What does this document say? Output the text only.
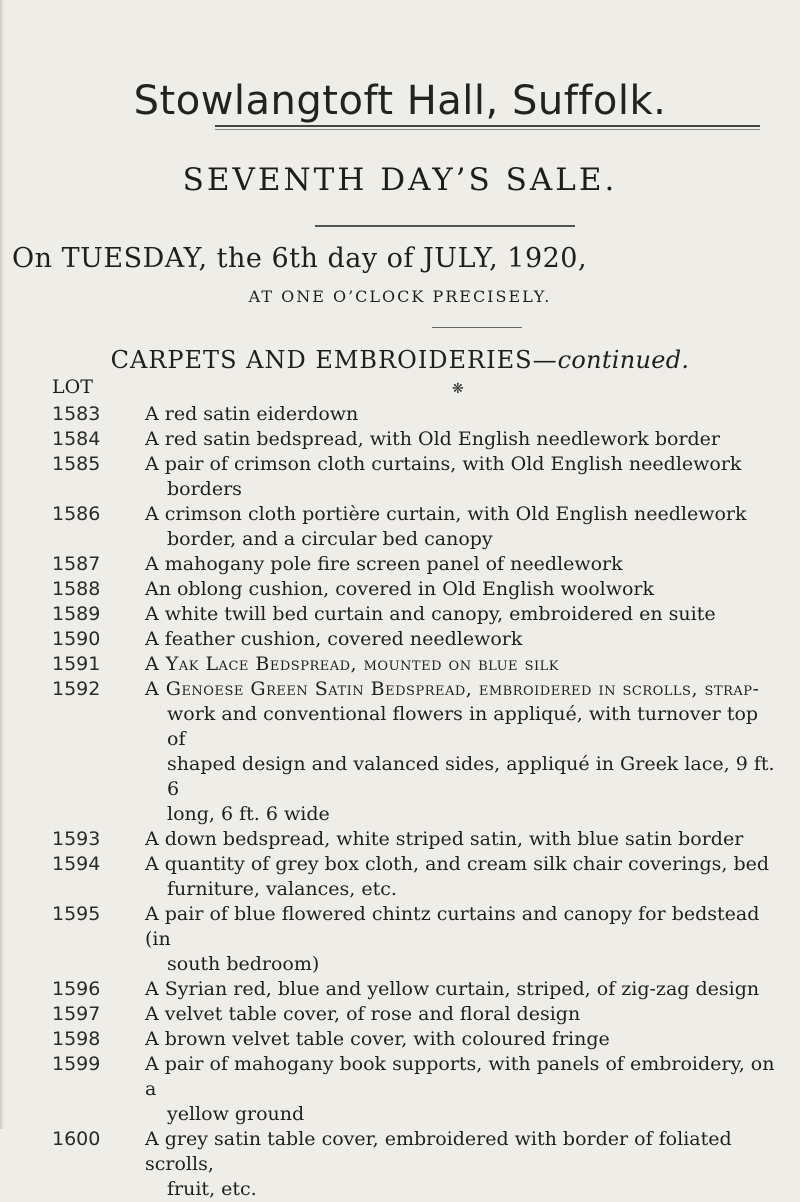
Stowlangtoft Hall, Suffolk.
SEVENTH DAY’S SALE.
On TUESDAY, the 6th day of JULY, 1920,
AT ONE O’CLOCK PRECISELY.
CARPETS AND EMBROIDERIES—continued.
❋
LOT
1583 A red satin eiderdown
1584 A red satin bedspread, with Old English needlework border
1585 A pair of crimson cloth curtains, with Old English needlework
borders
1586 A crimson cloth portière curtain, with Old English needlework
border, and a circular bed canopy
1587 A mahogany pole fire screen panel of needlework
1588 An oblong cushion, covered in Old English woolwork
1589 A white twill bed curtain and canopy, embroidered en suite
1590 A feather cushion, covered needlework
1591 A Yak Lace Bedspread, mounted on blue silk
1592 A Genoese Green Satin Bedspread, embroidered in scrolls, strap-
work and conventional flowers in appliqué, with turnover top of
shaped design and valanced sides, appliqué in Greek lace, 9 ft. 6
long, 6 ft. 6 wide
1593 A down bedspread, white striped satin, with blue satin border
1594 A quantity of grey box cloth, and cream silk chair coverings, bed
furniture, valances, etc.
1595 A pair of blue flowered chintz curtains and canopy for bedstead (in
south bedroom)
1596 A Syrian red, blue and yellow curtain, striped, of zig-zag design
1597 A velvet table cover, of rose and floral design
1598 A brown velvet table cover, with coloured fringe
1599 A pair of mahogany book supports, with panels of embroidery, on a
yellow ground
1600 A grey satin table cover, embroidered with border of foliated scrolls,
fruit, etc.
